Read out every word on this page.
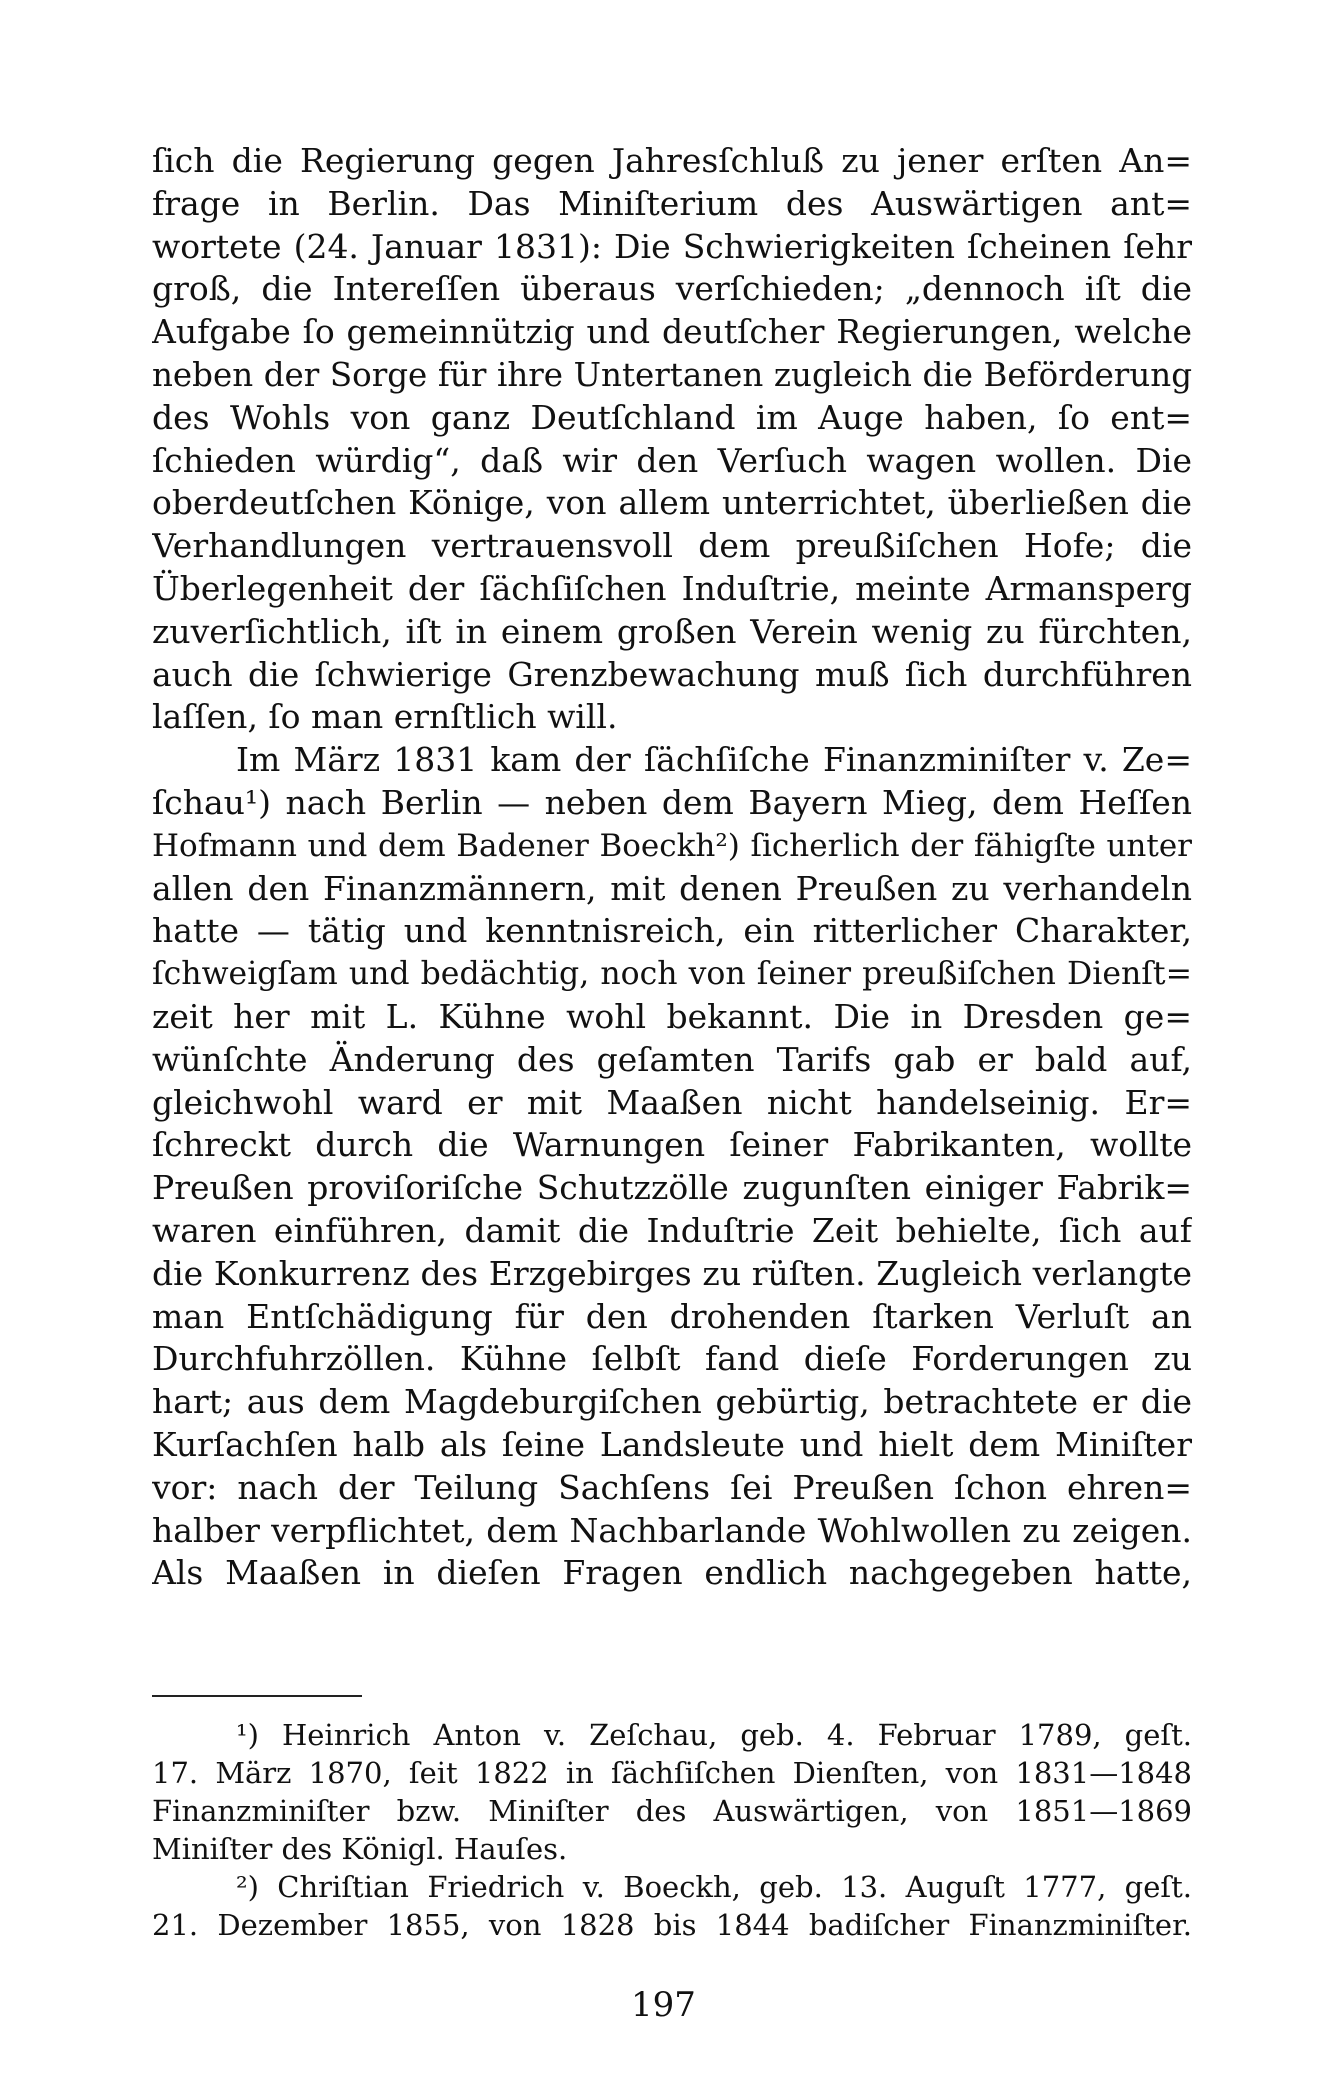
ſich die Regierung gegen Jahresſchluß zu jener erſten An=
frage in Berlin. Das Miniſterium des Auswärtigen ant=
wortete (24. Januar 1831): Die Schwierigkeiten ſcheinen ſehr
groß, die Intereſſen überaus verſchieden; „dennoch iſt die
Aufgabe ſo gemeinnützig und deutſcher Regierungen, welche
neben der Sorge für ihre Untertanen zugleich die Beförderung
des Wohls von ganz Deutſchland im Auge haben, ſo ent=
ſchieden würdig“, daß wir den Verſuch wagen wollen. Die
oberdeutſchen Könige, von allem unterrichtet, überließen die
Verhandlungen vertrauensvoll dem preußiſchen Hofe; die
Überlegenheit der ſächſiſchen Induſtrie, meinte Armansperg
zuverſichtlich, iſt in einem großen Verein wenig zu fürchten,
auch die ſchwierige Grenzbewachung muß ſich durchführen
laſſen, ſo man ernſtlich will.
Im März 1831 kam der ſächſiſche Finanzminiſter v. Ze=
ſchau¹) nach Berlin — neben dem Bayern Mieg, dem Heſſen
Hofmann und dem Badener Boeckh²) ſicherlich der fähigſte unter
allen den Finanzmännern, mit denen Preußen zu verhandeln
hatte — tätig und kenntnisreich, ein ritterlicher Charakter,
ſchweigſam und bedächtig, noch von ſeiner preußiſchen Dienſt=
zeit her mit L. Kühne wohl bekannt. Die in Dresden ge=
wünſchte Änderung des geſamten Tarifs gab er bald auf,
gleichwohl ward er mit Maaßen nicht handelseinig. Er=
ſchreckt durch die Warnungen ſeiner Fabrikanten, wollte
Preußen proviſoriſche Schutzzölle zugunſten einiger Fabrik=
waren einführen, damit die Induſtrie Zeit behielte, ſich auf
die Konkurrenz des Erzgebirges zu rüſten. Zugleich verlangte
man Entſchädigung für den drohenden ſtarken Verluſt an
Durchfuhrzöllen. Kühne ſelbſt fand dieſe Forderungen zu
hart; aus dem Magdeburgiſchen gebürtig, betrachtete er die
Kurſachſen halb als ſeine Landsleute und hielt dem Miniſter
vor: nach der Teilung Sachſens ſei Preußen ſchon ehren=
halber verpflichtet, dem Nachbarlande Wohlwollen zu zeigen.
Als Maaßen in dieſen Fragen endlich nachgegeben hatte,
¹) Heinrich Anton v. Zeſchau, geb. 4. Februar 1789, geſt.
17. März 1870, ſeit 1822 in ſächſiſchen Dienſten, von 1831—1848
Finanzminiſter bzw. Miniſter des Auswärtigen, von 1851—1869
Miniſter des Königl. Hauſes.
²) Chriſtian Friedrich v. Boeckh, geb. 13. Auguſt 1777, geſt.
21. Dezember 1855, von 1828 bis 1844 badiſcher Finanzminiſter.
197
